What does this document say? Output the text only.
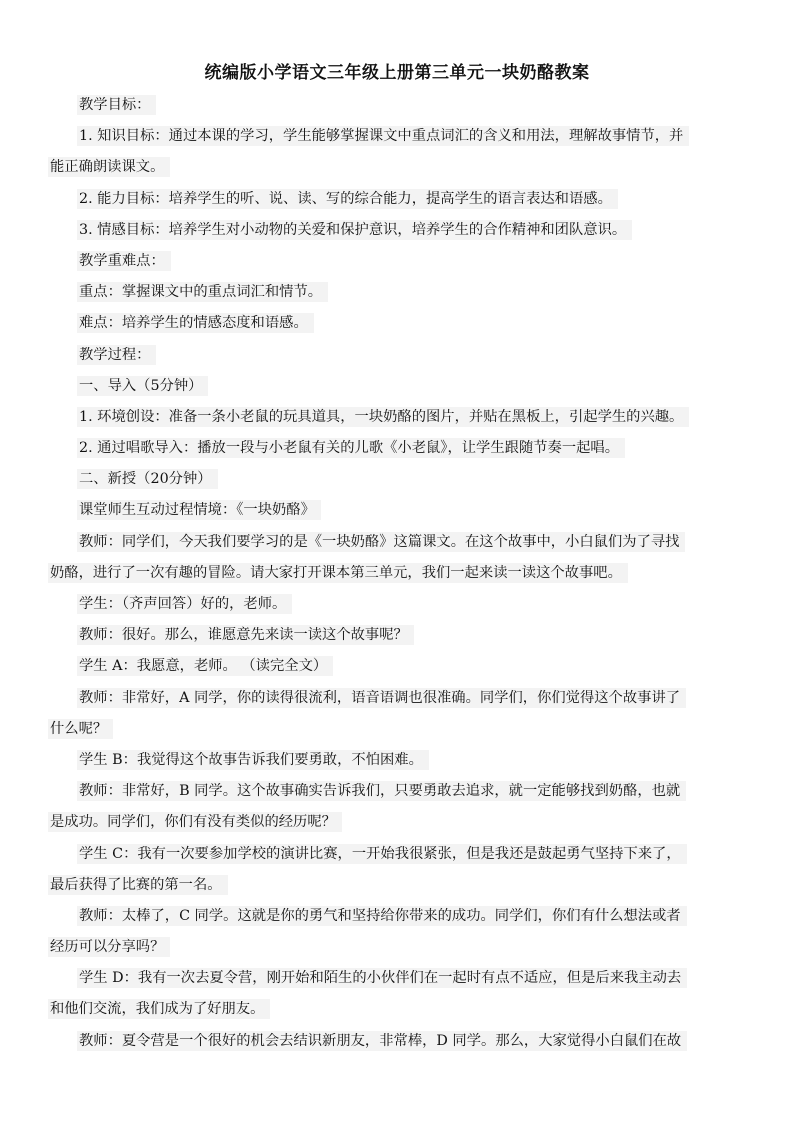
统编版小学语文三年级上册第三单元一块奶酪教案
教学目标：
1. 知识目标：通过本课的学习，学生能够掌握课文中重点词汇的含义和用法，理解故事情节，并
能正确朗读课文。
2. 能力目标：培养学生的听、说、读、写的综合能力，提高学生的语言表达和语感。
3. 情感目标：培养学生对小动物的关爱和保护意识，培养学生的合作精神和团队意识。
教学重难点：
重点：掌握课文中的重点词汇和情节。
难点：培养学生的情感态度和语感。
教学过程：
一、导入（5分钟）
1. 环境创设：准备一条小老鼠的玩具道具，一块奶酪的图片，并贴在黑板上，引起学生的兴趣。
2. 通过唱歌导入：播放一段与小老鼠有关的儿歌《小老鼠》，让学生跟随节奏一起唱。
二、新授（20分钟）
课堂师生互动过程情境：《一块奶酪》
教师：同学们，今天我们要学习的是《一块奶酪》这篇课文。在这个故事中，小白鼠们为了寻找
奶酪，进行了一次有趣的冒险。请大家打开课本第三单元，我们一起来读一读这个故事吧。
学生：（齐声回答）好的，老师。
教师：很好。那么，谁愿意先来读一读这个故事呢？
学生 A：我愿意，老师。 （读完全文）
教师：非常好，A 同学，你的读得很流利，语音语调也很准确。同学们，你们觉得这个故事讲了
什么呢？
学生 B：我觉得这个故事告诉我们要勇敢，不怕困难。
教师：非常好，B 同学。这个故事确实告诉我们，只要勇敢去追求，就一定能够找到奶酪，也就
是成功。同学们，你们有没有类似的经历呢？
学生 C：我有一次要参加学校的演讲比赛，一开始我很紧张，但是我还是鼓起勇气坚持下来了，
最后获得了比赛的第一名。
教师：太棒了，C 同学。这就是你的勇气和坚持给你带来的成功。同学们，你们有什么想法或者
经历可以分享吗？
学生 D：我有一次去夏令营，刚开始和陌生的小伙伴们在一起时有点不适应，但是后来我主动去
和他们交流，我们成为了好朋友。
教师：夏令营是一个很好的机会去结识新朋友，非常棒，D 同学。那么，大家觉得小白鼠们在故
